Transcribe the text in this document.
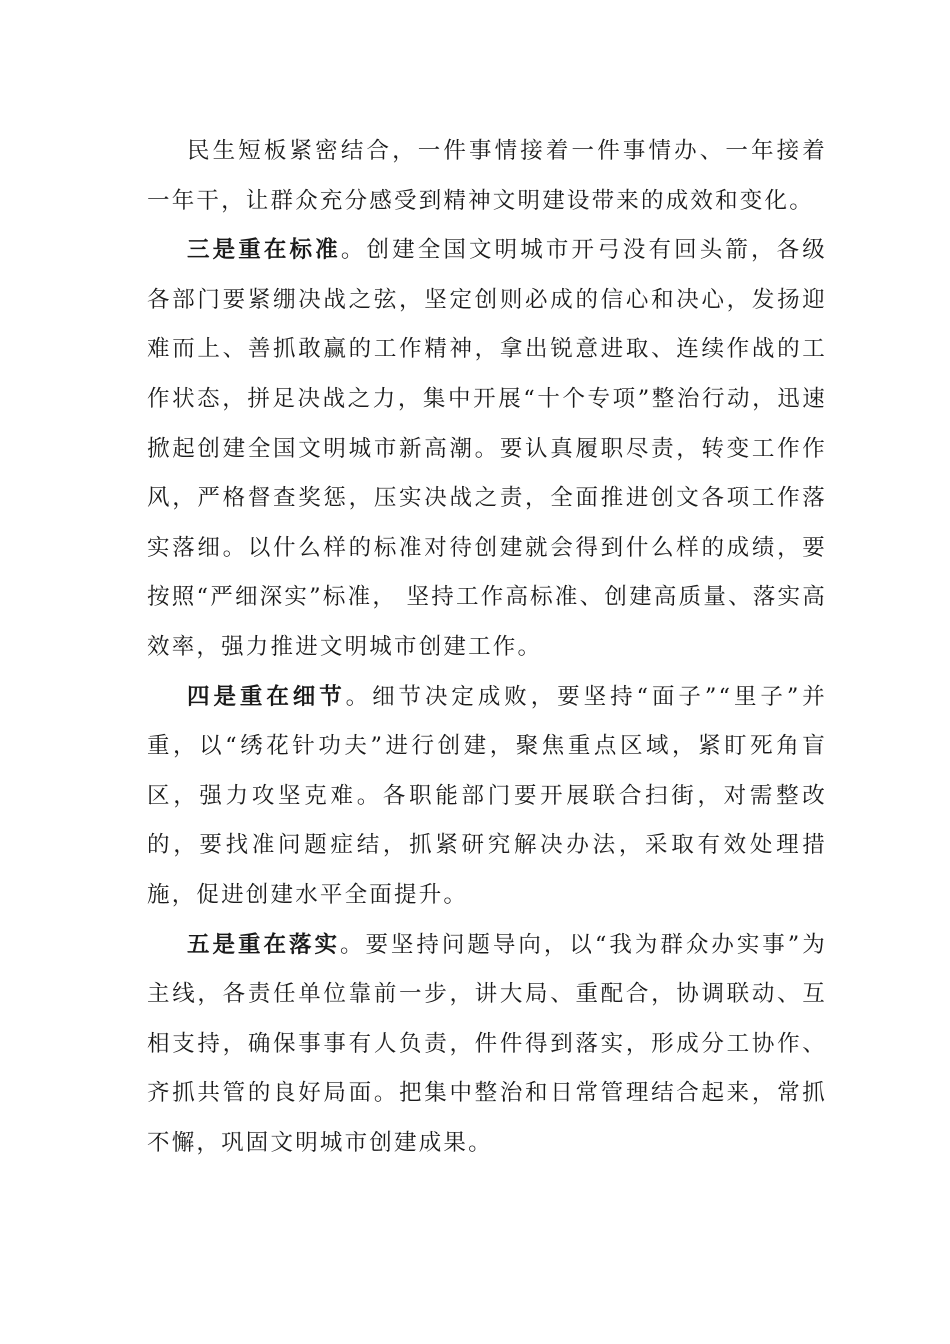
民生短板紧密结合，一件事情接着一件事情办、一年接着一年干，让群众充分感受到精神文明建设带来的成效和变化。

三是重在标准。创建全国文明城市开弓没有回头箭，各级各部门要紧绷决战之弦，坚定创则必成的信心和决心，发扬迎难而上、善抓敢赢的工作精神，拿出锐意进取、连续作战的工作状态，拼足决战之力，集中开展“十个专项”整治行动，迅速掀起创建全国文明城市新高潮。要认真履职尽责，转变工作作风，严格督查奖惩，压实决战之责，全面推进创文各项工作落实落细。以什么样的标准对待创建就会得到什么样的成绩，要按照“严细深实”标准， 坚持工作高标准、创建高质量、落实高效率，强力推进文明城市创建工作。

四是重在细节。细节决定成败，要坚持“面子”“里子”并重，以“绣花针功夫”进行创建，聚焦重点区域，紧盯死角盲区，强力攻坚克难。各职能部门要开展联合扫街，对需整改的，要找准问题症结，抓紧研究解决办法，采取有效处理措施，促进创建水平全面提升。

五是重在落实。要坚持问题导向，以“我为群众办实事”为主线，各责任单位靠前一步，讲大局、重配合，协调联动、互相支持，确保事事有人负责，件件得到落实，形成分工协作、齐抓共管的良好局面。把集中整治和日常管理结合起来，常抓不懈，巩固文明城市创建成果。
